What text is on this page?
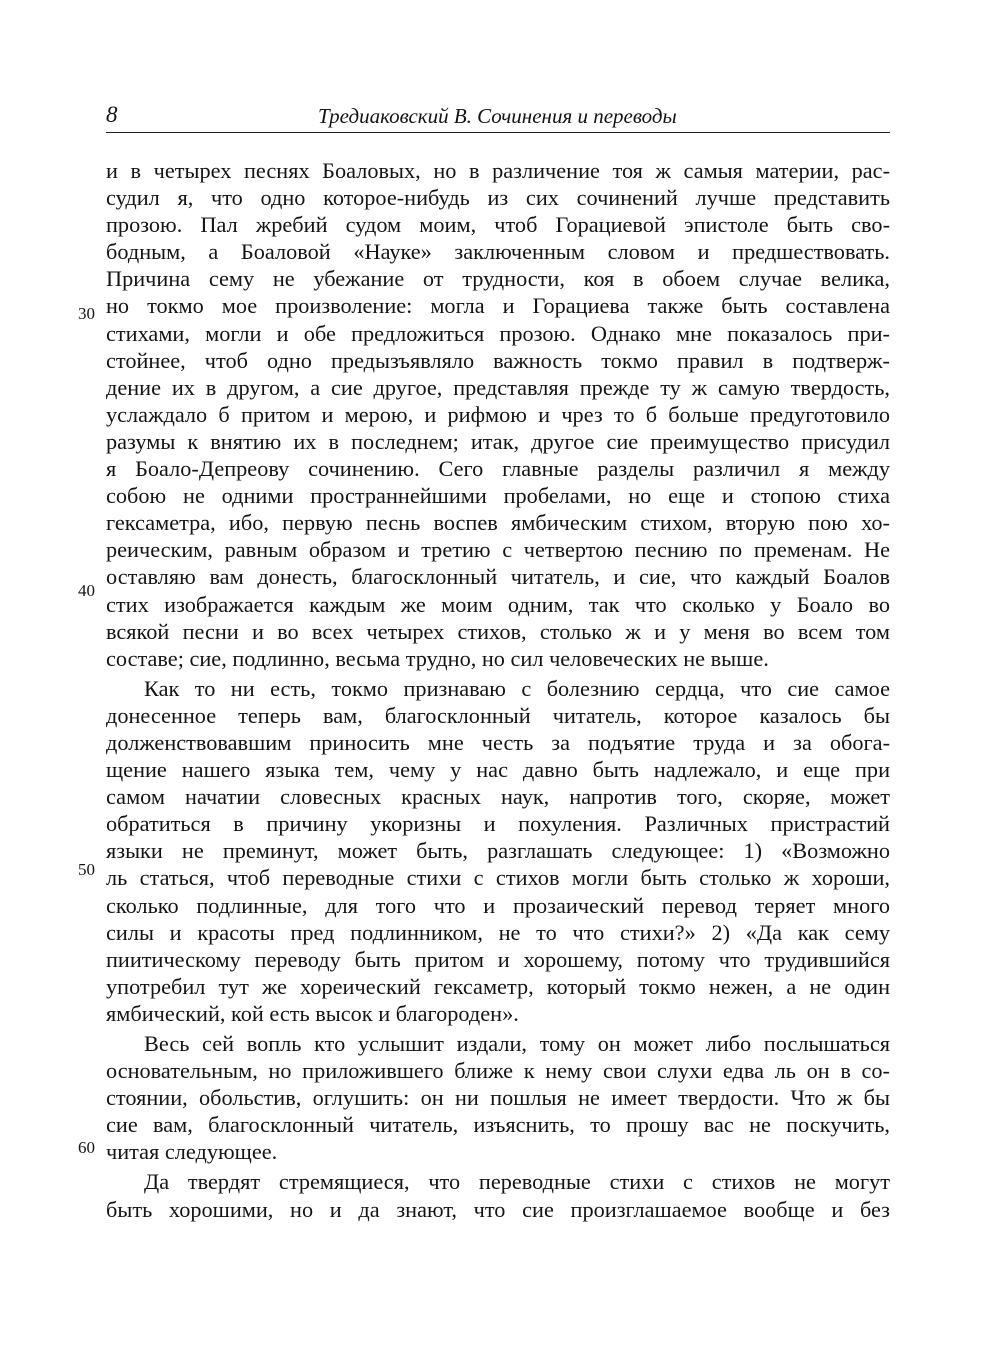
8	Тредиаковский В. Сочинения и переводы
30
40
50
60
и в четырех песнях Боаловых, но в различение тоя ж самыя материи, рас-
судил я, что одно которое-нибудь из сих сочинений лучше представить
прозою. Пал жребий судом моим, чтоб Горациевой эпистоле быть сво-
бодным, а Боаловой «Науке» заключенным словом и предшествовать.
Причина сему не убежание от трудности, коя в обоем случае велика,
но токмо мое произволение: могла и Горациева также быть составлена
стихами, могли и обе предложиться прозою. Однако мне показалось при-
стойнее, чтоб одно предызъявляло важность токмо правил в подтверж-
дение их в другом, а сие другое, представляя прежде ту ж самую твердость,
услаждало б притом и мерою, и рифмою и чрез то б больше предуготовило
разумы к внятию их в последнем; итак, другое сие преимущество присудил
я Боало-Депреову сочинению. Сего главные разделы различил я между
собою не одними пространнейшими пробелами, но еще и стопою стиха
гексаметра, ибо, первую песнь воспев ямбическим стихом, вторую пою хо-
реическим, равным образом и третию с четвертою песнию по пременам. Не
оставляю вам донесть, благосклонный читатель, и сие, что каждый Боалов
стих изображается каждым же моим одним, так что сколько у Боало во
всякой песни и во всех четырех стихов, столько ж и у меня во всем том
составе; сие, подлинно, весьма трудно, но сил человеческих не выше.
Как то ни есть, токмо признаваю с болезнию сердца, что сие самое
донесенное теперь вам, благосклонный читатель, которое казалось бы
долженствовавшим приносить мне честь за подъятие труда и за обога-
щение нашего языка тем, чему у нас давно быть надлежало, и еще при
самом начатии словесных красных наук, напротив того, скоряе, может
обратиться в причину укоризны и похуления. Различных пристрастий
языки не преминут, может быть, разглашать следующее: 1) «Возможно
ль статься, чтоб переводные стихи с стихов могли быть столько ж хороши,
сколько подлинные, для того что и прозаический перевод теряет много
силы и красоты пред подлинником, не то что стихи?» 2) «Да как сему
пиитическому переводу быть притом и хорошему, потому что трудившийся
употребил тут же хореический гексаметр, который токмо нежен, а не один
ямбический, кой есть высок и благороден».
Весь сей вопль кто услышит издали, тому он может либо послышаться
основательным, но приложившего ближе к нему свои слухи едва ль он в со-
стоянии, обольстив, оглушить: он ни пошлыя не имеет твердости. Что ж бы
сие вам, благосклонный читатель, изъяснить, то прошу вас не поскучить,
читая следующее.
Да твердят стремящиеся, что переводные стихи с стихов не могут
быть хорошими, но и да знают, что сие произглашаемое вообще и без
